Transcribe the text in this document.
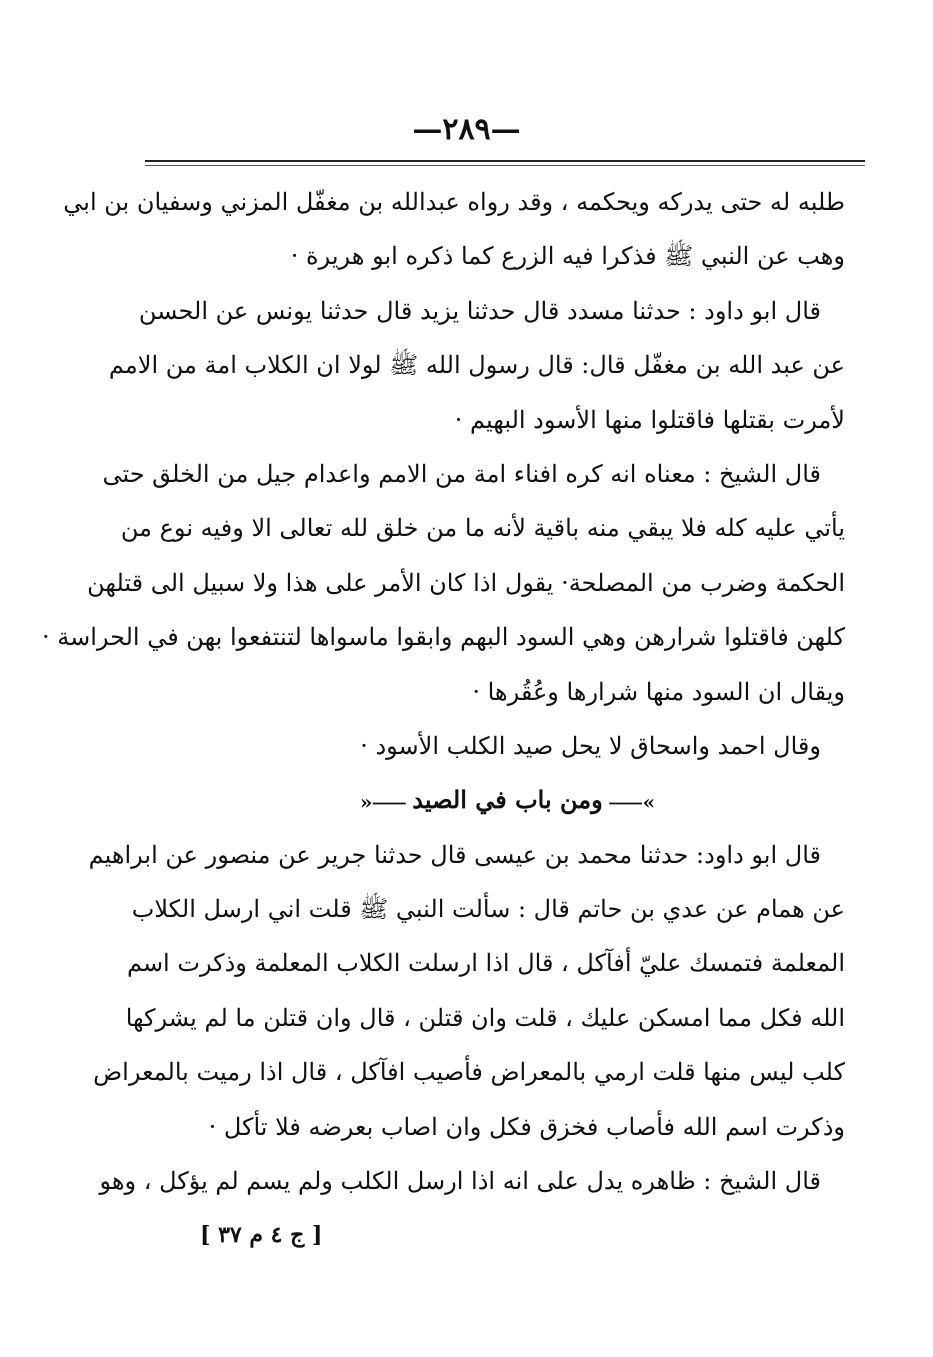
—٢٨٩—
طلبه له حتى يدركه ويحكمه ، وقد رواه عبدالله بن مغفّل المزني وسفيان بن ابي
وهب عن النبي ﷺ فذكرا فيه الزرع كما ذكره ابو هريرة ·
قال ابو داود : حدثنا مسدد قال حدثنا يزيد قال حدثنا يونس عن الحسن
عن عبد الله بن مغفّل قال: قال رسول الله ﷺ لولا ان الكلاب امة من الامم
لأمرت بقتلها فاقتلوا منها الأسود البهيم ·
قال الشيخ : معناه انه كره افناء امة من الامم واعدام جيل من الخلق حتى
يأتي عليه كله فلا يبقي منه باقية لأنه ما من خلق لله تعالى الا وفيه نوع من
الحكمة وضرب من المصلحة· يقول اذا كان الأمر على هذا ولا سبيل الى قتلهن
كلهن فاقتلوا شرارهن وهي السود البهم وابقوا ماسواها لتنتفعوا بهن في الحراسة ·
ويقال ان السود منها شرارها وعُقُرها ·
وقال احمد واسحاق لا يحل صيد الكلب الأسود ·
»⸺ومن باب في الصيد⸺«
قال ابو داود: حدثنا محمد بن عيسى قال حدثنا جرير عن منصور عن ابراهيم
عن همام عن عدي بن حاتم قال : سألت النبي ﷺ قلت اني ارسل الكلاب
المعلمة فتمسك عليّ أفآكل ، قال اذا ارسلت الكلاب المعلمة وذكرت اسم
الله فكل مما امسكن عليك ، قلت وان قتلن ، قال وان قتلن ما لم يشركها
كلب ليس منها قلت ارمي بالمعراض فأصيب افآكل ، قال اذا رميت بالمعراض
وذكرت اسم الله فأصاب فخزق فكل وان اصاب بعرضه فلا تأكل ·
قال الشيخ : ظاهره يدل على انه اذا ارسل الكلب ولم يسم لم يؤكل ، وهو
[ ج ٤ م ٣٧ ]
